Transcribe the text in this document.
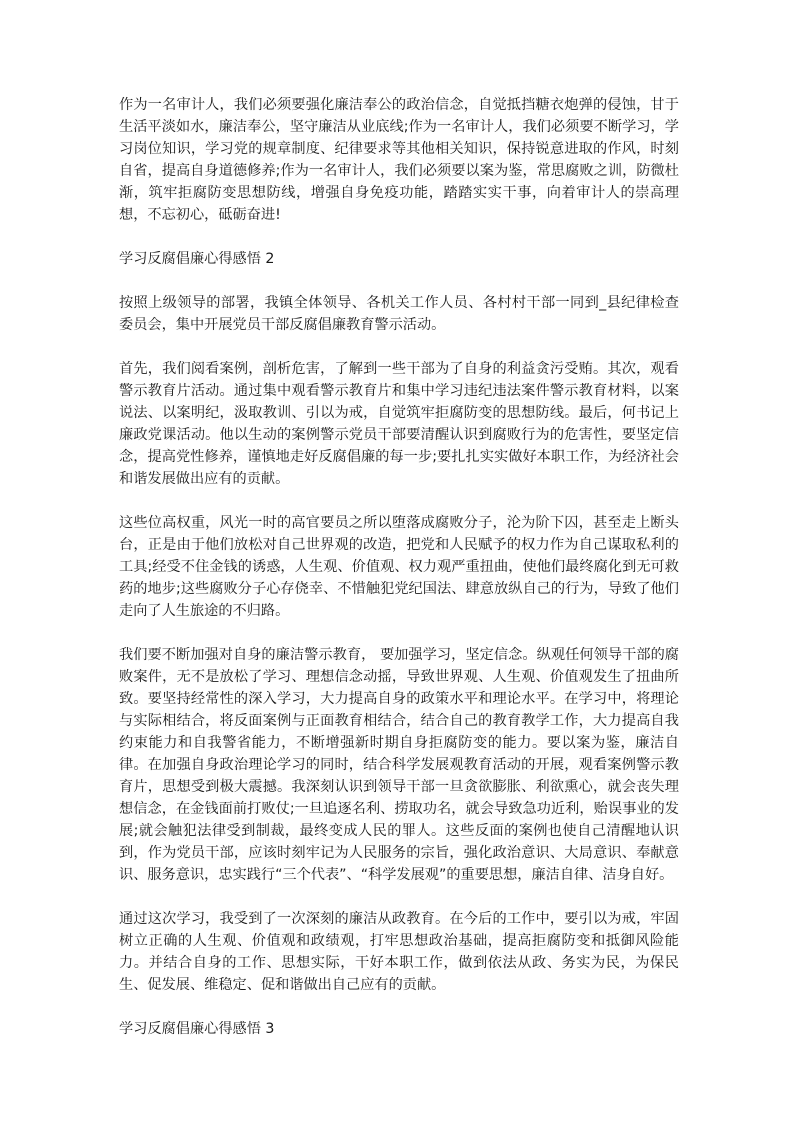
作为一名审计人，我们必须要强化廉洁奉公的政治信念，自觉抵挡糖衣炮弹的侵蚀，甘于生活平淡如水，廉洁奉公，坚守廉洁从业底线;作为一名审计人，我们必须要不断学习，学习岗位知识，学习党的规章制度、纪律要求等其他相关知识，保持锐意进取的作风，时刻自省，提高自身道德修养;作为一名审计人，我们必须要以案为鉴，常思腐败之训，防微杜渐，筑牢拒腐防变思想防线，增强自身免疫功能，踏踏实实干事，向着审计人的崇高理想，不忘初心，砥砺奋进!

学习反腐倡廉心得感悟 2

按照上级领导的部署，我镇全体领导、各机关工作人员、各村村干部一同到_县纪律检查委员会，集中开展党员干部反腐倡廉教育警示活动。

首先，我们阅看案例，剖析危害，了解到一些干部为了自身的利益贪污受贿。其次，观看警示教育片活动。通过集中观看警示教育片和集中学习违纪违法案件警示教育材料，以案说法、以案明纪，汲取教训、引以为戒，自觉筑牢拒腐防变的思想防线。最后，何书记上廉政党课活动。他以生动的案例警示党员干部要清醒认识到腐败行为的危害性，要坚定信念，提高党性修养，谨慎地走好反腐倡廉的每一步;要扎扎实实做好本职工作，为经济社会和谐发展做出应有的贡献。

这些位高权重，风光一时的高官要员之所以堕落成腐败分子，沦为阶下囚，甚至走上断头台，正是由于他们放松对自己世界观的改造，把党和人民赋予的权力作为自己谋取私利的工具;经受不住金钱的诱惑，人生观、价值观、权力观严重扭曲，使他们最终腐化到无可救药的地步;这些腐败分子心存侥幸、不惜触犯党纪国法、肆意放纵自己的行为，导致了他们走向了人生旅途的不归路。

我们要不断加强对自身的廉洁警示教育， 要加强学习，坚定信念。纵观任何领导干部的腐败案件，无不是放松了学习、理想信念动摇，导致世界观、人生观、价值观发生了扭曲所致。要坚持经常性的深入学习，大力提高自身的政策水平和理论水平。在学习中，将理论与实际相结合，将反面案例与正面教育相结合，结合自己的教育教学工作，大力提高自我约束能力和自我警省能力，不断增强新时期自身拒腐防变的能力。要以案为鉴，廉洁自律。在加强自身政治理论学习的同时，结合科学发展观教育活动的开展，观看案例警示教育片，思想受到极大震撼。我深刻认识到领导干部一旦贪欲膨胀、利欲熏心，就会丧失理想信念，在金钱面前打败仗;一旦追逐名利、捞取功名，就会导致急功近利，贻误事业的发展;就会触犯法律受到制裁，最终变成人民的罪人。这些反面的案例也使自己清醒地认识到，作为党员干部，应该时刻牢记为人民服务的宗旨，强化政治意识、大局意识、奉献意识、服务意识，忠实践行“三个代表”、“科学发展观”的重要思想，廉洁自律、洁身自好。

通过这次学习，我受到了一次深刻的廉洁从政教育。在今后的工作中，要引以为戒，牢固树立正确的人生观、价值观和政绩观，打牢思想政治基础，提高拒腐防变和抵御风险能力。并结合自身的工作、思想实际，干好本职工作，做到依法从政、务实为民，为保民生、促发展、维稳定、促和谐做出自己应有的贡献。

学习反腐倡廉心得感悟 3
